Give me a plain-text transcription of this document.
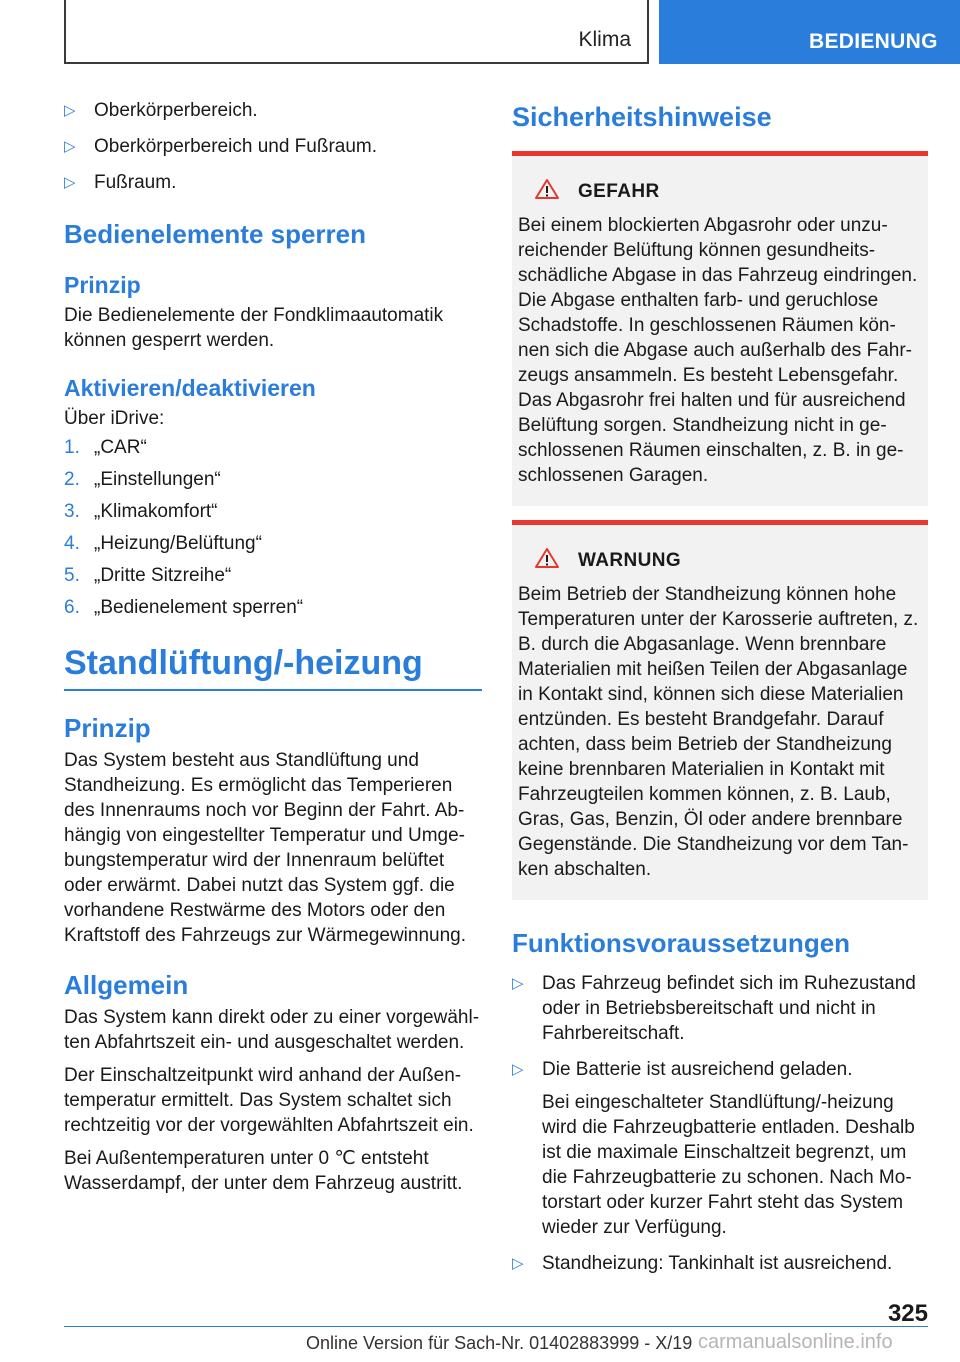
Klima	BEDIENUNG
▷ Oberkörperbereich.
▷ Oberkörperbereich und Fußraum.
▷ Fußraum.
Bedienelemente sperren
Prinzip

Die Bedienelemente der Fondklimaautomatik können gesperrt werden.

Aktivieren/deaktivieren

Über iDrive:

1. „CAR“
2. „Einstellungen“
3. „Klimakomfort“
4. „Heizung/Belüftung“
5. „Dritte Sitzreihe“
6. „Bedienelement sperren“
Standlüftung/-heizung
Prinzip

Das System besteht aus Standlüftung und Standheizung. Es ermöglicht das Temperieren des Innenraums noch vor Beginn der Fahrt. Ab‐hängig von eingestellter Temperatur und Umge‐bungstemperatur wird der Innenraum belüftet oder erwärmt. Dabei nutzt das System ggf. die vorhandene Restwärme des Motors oder den Kraftstoff des Fahrzeugs zur Wärmegewinnung.

Allgemein

Das System kann direkt oder zu einer vorgewähl‐ten Abfahrtszeit ein- und ausgeschaltet werden.

Der Einschaltzeitpunkt wird anhand der Außen‐temperatur ermittelt. Das System schaltet sich rechtzeitig vor der vorgewählten Abfahrtszeit ein.

Bei Außentemperaturen unter 0 ℃ entsteht Wasserdampf, der unter dem Fahrzeug austritt.

Sicherheitshinweise
GEFAHR

Bei einem blockierten Abgasrohr oder unzu‐reichender Belüftung können gesundheits‐schädliche Abgase in das Fahrzeug eindringen. Die Abgase enthalten farb- und geruchlose Schadstoffe. In geschlossenen Räumen kön‐nen sich die Abgase auch außerhalb des Fahr‐zeugs ansammeln. Es besteht Lebensgefahr. Das Abgasrohr frei halten und für ausreichend Belüftung sorgen. Standheizung nicht in ge‐schlossenen Räumen einschalten, z. B. in ge‐schlossenen Garagen.

WARNUNG

Beim Betrieb der Standheizung können hohe Temperaturen unter der Karosserie auftreten, z. B. durch die Abgasanlage. Wenn brennbare Materialien mit heißen Teilen der Abgasanlage in Kontakt sind, können sich diese Materialien entzünden. Es besteht Brandgefahr. Darauf achten, dass beim Betrieb der Standheizung keine brennbaren Materialien in Kontakt mit Fahrzeugteilen kommen können, z. B. Laub, Gras, Gas, Benzin, Öl oder andere brennbare Gegenstände. Die Standheizung vor dem Tan‐ken abschalten.

Funktionsvoraussetzungen
▷ Das Fahrzeug befindet sich im Ruhezustand oder in Betriebsbereitschaft und nicht in Fahrbereitschaft.
▷ Die Batterie ist ausreichend geladen.

Bei eingeschalteter Standlüftung/-heizung wird die Fahrzeugbatterie entladen. Deshalb ist die maximale Einschaltzeit begrenzt, um die Fahrzeugbatterie zu schonen. Nach Mo‐torstart oder kurzer Fahrt steht das System wieder zur Verfügung.

▷ Standheizung: Tankinhalt ist ausreichend.
325
Online Version für Sach-Nr. 01402883999 - X/19 carmanualsonline.info
